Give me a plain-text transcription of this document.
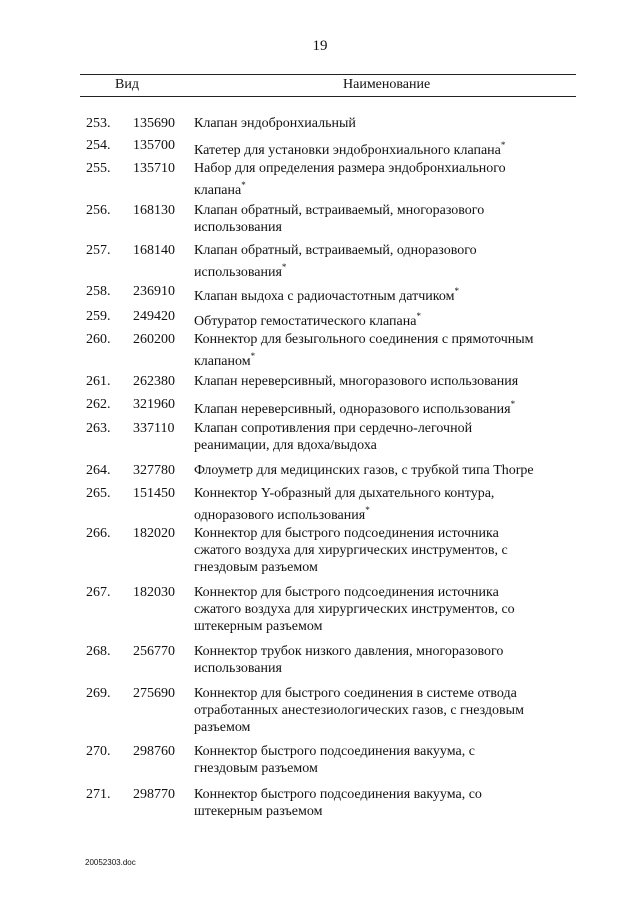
19
Вид	Наименование
253. 135690 Клапан эндобронхиальный
254. 135700 Катетер для установки эндобронхиального клапана*
255. 135710 Набор для определения размера эндобронхиального
клапана*
256. 168130 Клапан обратный, встраиваемый, многоразового
использования
257. 168140 Клапан обратный, встраиваемый, одноразового
использования*
258. 236910 Клапан выдоха с радиочастотным датчиком*
259. 249420 Обтуратор гемостатического клапана*
260. 260200 Коннектор для безыгольного соединения с прямоточным
клапаном*
261. 262380 Клапан нереверсивный, многоразового использования
262. 321960 Клапан нереверсивный, одноразового использования*
263. 337110 Клапан сопротивления при сердечно-легочной
реанимации, для вдоха/выдоха
264. 327780 Флоуметр для медицинских газов, с трубкой типа Thorpe
265. 151450 Коннектор Y-образный для дыхательного контура,
одноразового использования*
266. 182020 Коннектор для быстрого подсоединения источника
сжатого воздуха для хирургических инструментов, с
гнездовым разъемом
267. 182030 Коннектор для быстрого подсоединения источника
сжатого воздуха для хирургических инструментов, со
штекерным разъемом
268. 256770 Коннектор трубок низкого давления, многоразового
использования
269. 275690 Коннектор для быстрого соединения в системе отвода
отработанных анестезиологических газов, с гнездовым
разъемом
270. 298760 Коннектор быстрого подсоединения вакуума, с
гнездовым разъемом
271. 298770 Коннектор быстрого подсоединения вакуума, со
штекерным разъемом
20052303.doc
